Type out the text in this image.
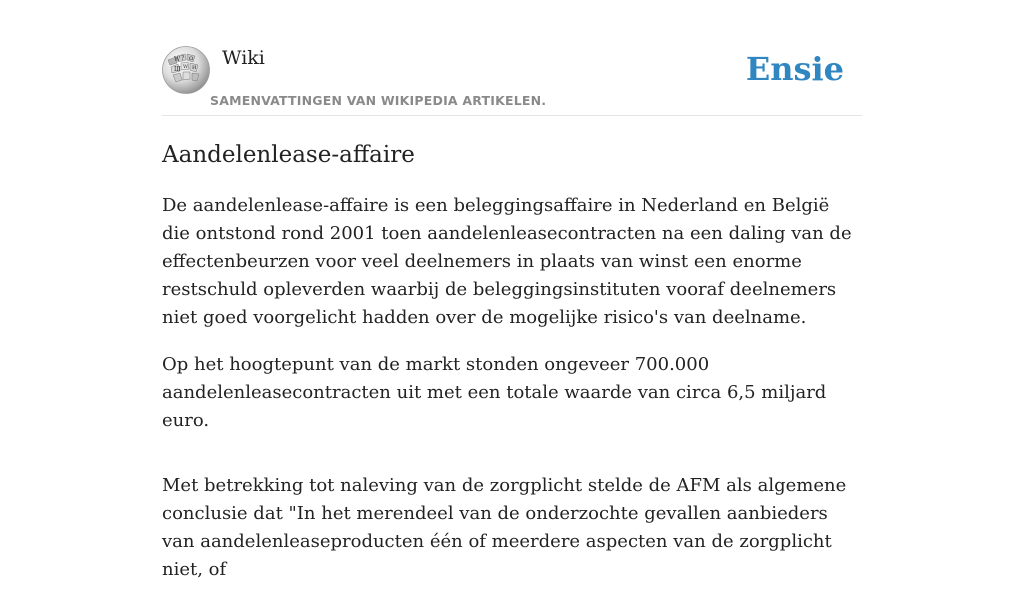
W ? Ω
Ш W И Wiki
SAMENVATTINGEN VAN WIKIPEDIA ARTIKELEN.
Ensie
Aandelenlease-affaire

De aandelenlease-affaire is een beleggingsaffaire in Nederland en België die ontstond rond 2001 toen aandelenleasecontracten na een daling van de effectenbeurzen voor veel deelnemers in plaats van winst een enorme restschuld opleverden waarbij de beleggingsinstituten vooraf deelnemers niet goed voorgelicht hadden over de mogelijke risico's van deelname.

Op het hoogtepunt van de markt stonden ongeveer 700.000 aandelenleasecontracten uit met een totale waarde van circa 6,5 miljard euro.

Met betrekking tot naleving van de zorgplicht stelde de AFM als algemene conclusie dat "In het merendeel van de onderzochte gevallen aanbieders van aandelenleaseproducten één of meerdere aspecten van de zorgplicht niet, of
